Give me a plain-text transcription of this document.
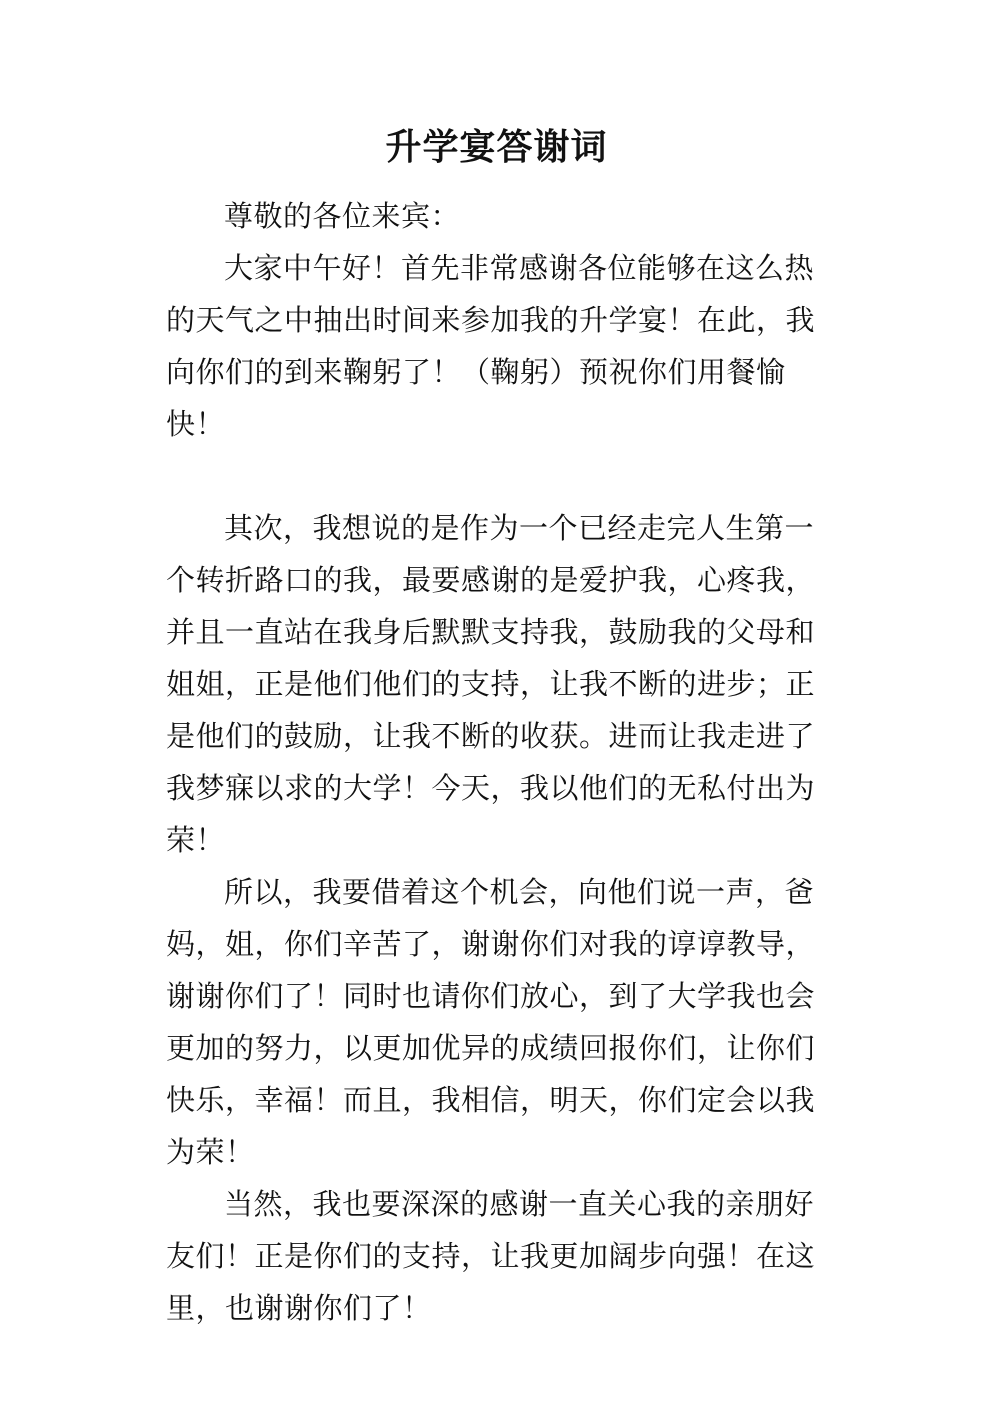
升学宴答谢词

尊敬的各位来宾：

大家中午好！首先非常感谢各位能够在这么热的天气之中抽出时间来参加我的升学宴！在此，我向你们的到来鞠躬了！（鞠躬）预祝你们用餐愉快！

其次，我想说的是作为一个已经走完人生第一个转折路口的我，最要感谢的是爱护我，心疼我，并且一直站在我身后默默支持我，鼓励我的父母和姐姐，正是他们他们的支持，让我不断的进步；正是他们的鼓励，让我不断的收获。进而让我走进了我梦寐以求的大学！今天，我以他们的无私付出为荣！

所以，我要借着这个机会，向他们说一声，爸妈，姐，你们辛苦了，谢谢你们对我的谆谆教导，谢谢你们了！同时也请你们放心，到了大学我也会更加的努力，以更加优异的成绩回报你们，让你们快乐，幸福！而且，我相信，明天，你们定会以我为荣！

当然，我也要深深的感谢一直关心我的亲朋好友们！正是你们的支持，让我更加阔步向强！在这里，也谢谢你们了！
